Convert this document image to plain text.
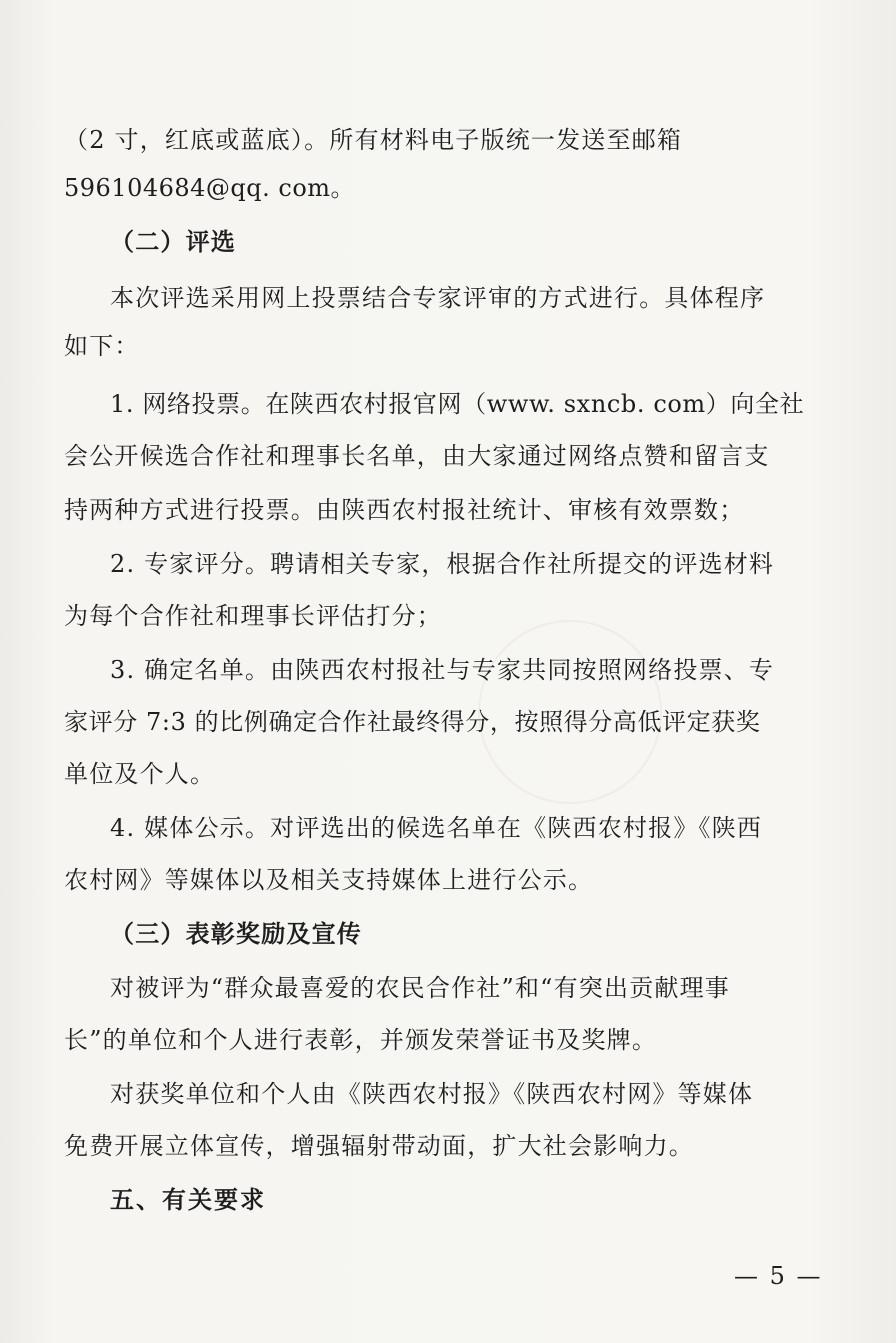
（2 寸，红底或蓝底）。所有材料电子版统一发送至邮箱
596104684@qq. com。
（二）评选
本次评选采用网上投票结合专家评审的方式进行。具体程序
如下：
1. 网络投票。在陕西农村报官网（www. sxncb. com）向全社
会公开候选合作社和理事长名单，由大家通过网络点赞和留言支
持两种方式进行投票。由陕西农村报社统计、审核有效票数；
2. 专家评分。聘请相关专家，根据合作社所提交的评选材料
为每个合作社和理事长评估打分；
3. 确定名单。由陕西农村报社与专家共同按照网络投票、专
家评分 7:3 的比例确定合作社最终得分，按照得分高低评定获奖
单位及个人。
4. 媒体公示。对评选出的候选名单在《陕西农村报》《陕西
农村网》等媒体以及相关支持媒体上进行公示。
（三）表彰奖励及宣传
对被评为“群众最喜爱的农民合作社”和“有突出贡献理事
长”的单位和个人进行表彰，并颁发荣誉证书及奖牌。
对获奖单位和个人由《陕西农村报》《陕西农村网》等媒体
免费开展立体宣传，增强辐射带动面，扩大社会影响力。
五、有关要求
— 5 —
